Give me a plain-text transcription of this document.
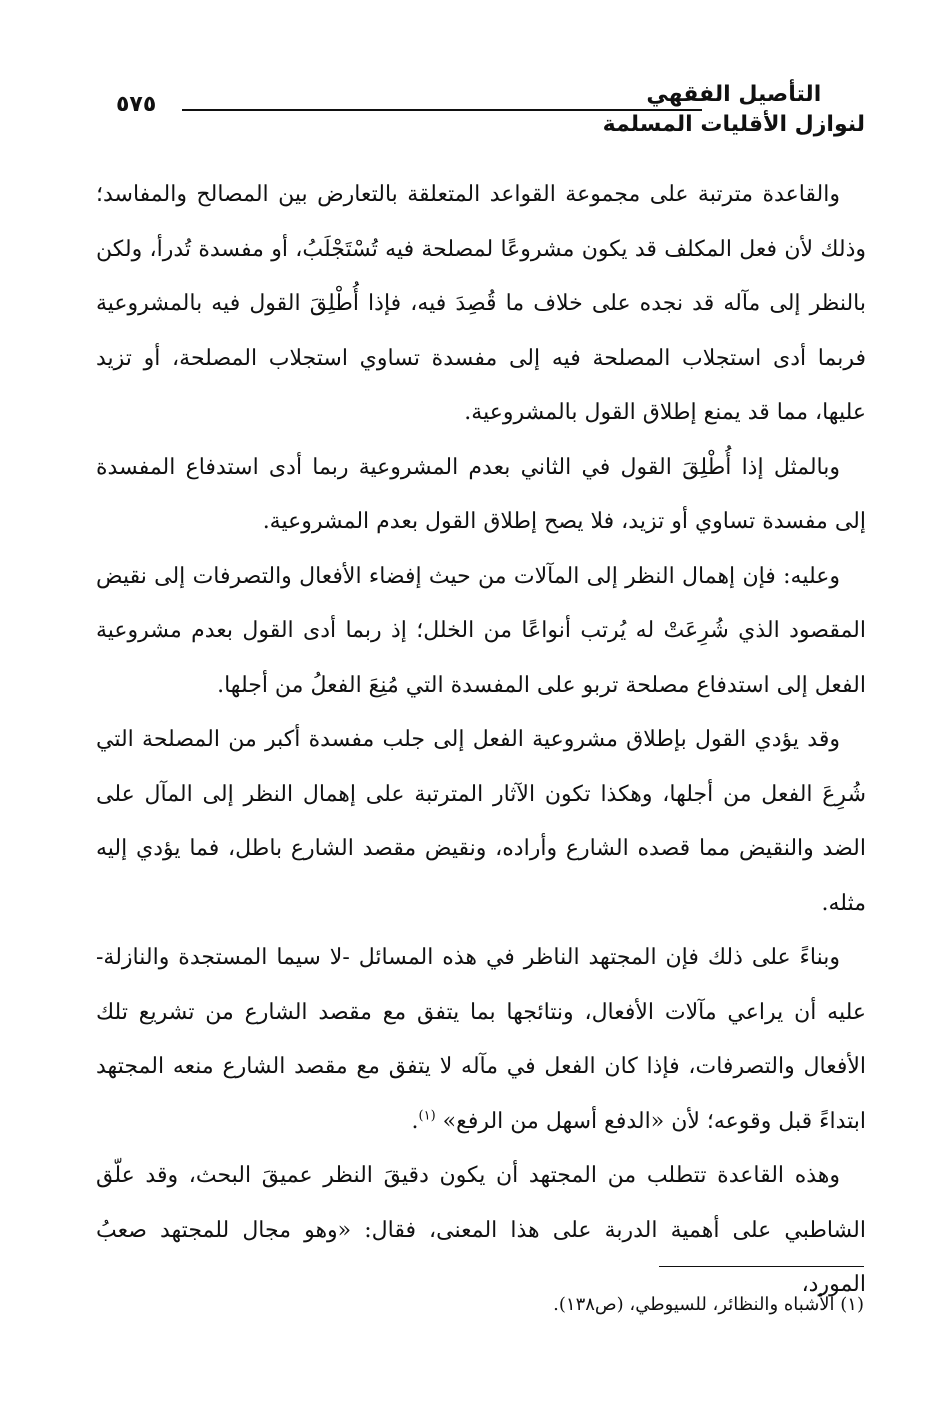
٥٧٥	التأصيل الفقهي
لنوازل الأقليات المسلمة

والقاعدة مترتبة على مجموعة القواعد المتعلقة بالتعارض بين المصالح والمفاسد؛ وذلك لأن فعل المكلف قد يكون مشروعًا لمصلحة فيه تُسْتَجْلَبُ، أو مفسدة تُدرأ، ولكن بالنظر إلى مآله قد نجده على خلاف ما قُصِدَ فيه، فإذا أُطْلِقَ القول فيه بالمشروعية فربما أدى استجلاب المصلحة فيه إلى مفسدة تساوي استجلاب المصلحة، أو تزيد عليها، مما قد يمنع إطلاق القول بالمشروعية.

وبالمثل إذا أُطْلِقَ القول في الثاني بعدم المشروعية ربما أدى استدفاع المفسدة إلى مفسدة تساوي أو تزيد، فلا يصح إطلاق القول بعدم المشروعية.

وعليه: فإن إهمال النظر إلى المآلات من حيث إفضاء الأفعال والتصرفات إلى نقيض المقصود الذي شُرِعَتْ له يُرتب أنواعًا من الخلل؛ إذ ربما أدى القول بعدم مشروعية الفعل إلى استدفاع مصلحة تربو على المفسدة التي مُنِعَ الفعلُ من أجلها.

وقد يؤدي القول بإطلاق مشروعية الفعل إلى جلب مفسدة أكبر من المصلحة التي شُرِعَ الفعل من أجلها، وهكذا تكون الآثار المترتبة على إهمال النظر إلى المآل على الضد والنقيض مما قصده الشارع وأراده، ونقيض مقصد الشارع باطل، فما يؤدي إليه مثله.

وبناءً على ذلك فإن المجتهد الناظر في هذه المسائل -لا سيما المستجدة والنازلة- عليه أن يراعي مآلات الأفعال، ونتائجها بما يتفق مع مقصد الشارع من تشريع تلك الأفعال والتصرفات، فإذا كان الفعل في مآله لا يتفق مع مقصد الشارع منعه المجتهد ابتداءً قبل وقوعه؛ لأن «الدفع أسهل من الرفع» $^{(١)}$.

وهذه القاعدة تتطلب من المجتهد أن يكون دقيقَ النظر عميقَ البحث، وقد علّق الشاطبي على أهمية الدربة على هذا المعنى، فقال: «وهو مجال للمجتهد صعبُ المورد،

(١) الأشباه والنظائر، للسيوطي، (ص١٣٨).
